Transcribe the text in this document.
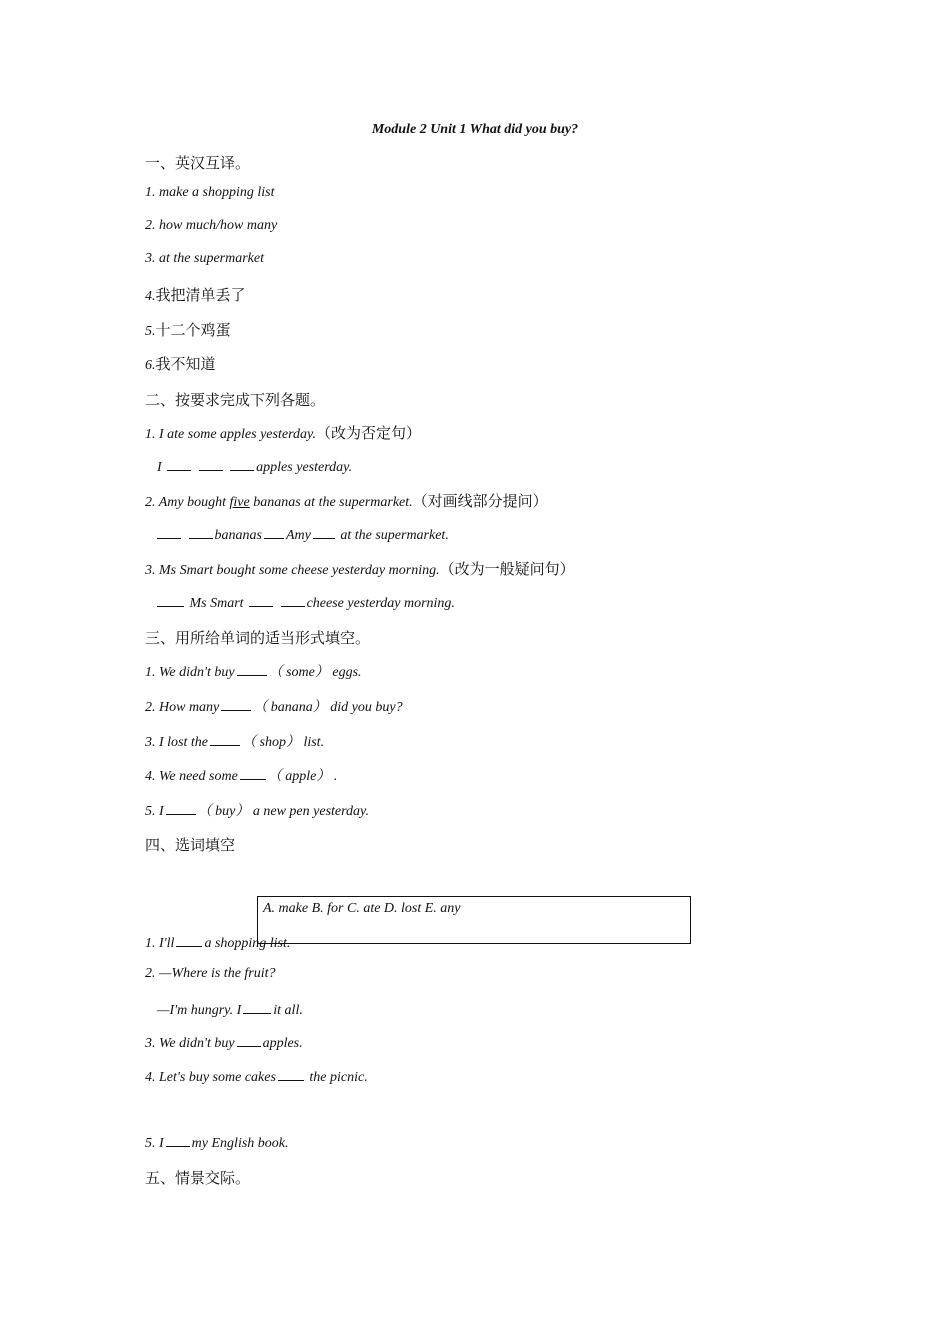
Module 2 Unit 1 What did you buy?
一、英汉互译。
1. make a shopping list
2. how much/how many
3. at the supermarket
4.我把清单丢了
5.十二个鸡蛋
6.我不知道
二、按要求完成下列各题。
1. I ate some apples yesterday.（改为否定句）
I	apples yesterday.
2. Amy bought five bananas at the supermarket.（对画线部分提问）
bananas Amy at the supermarket.
3. Ms Smart bought some cheese yesterday morning.（改为一般疑问句）
Ms Smart	cheese yesterday morning.
三、用所给单词的适当形式填空。
1. We didn't buy （ some） eggs.
2. How many （ banana） did you buy?
3. I lost the （ shop） list.
4. We need some （ apple） .
5. I （ buy） a new pen yesterday.
四、选词填空
A. make B. for C. ate D. lost E. any
1. I'll a shopping list.
2. —Where is the fruit?
—I'm hungry. I it all.
3. We didn't buy apples.
4. Let's buy some cakes the picnic.
5. I my English book.
五、情景交际。
